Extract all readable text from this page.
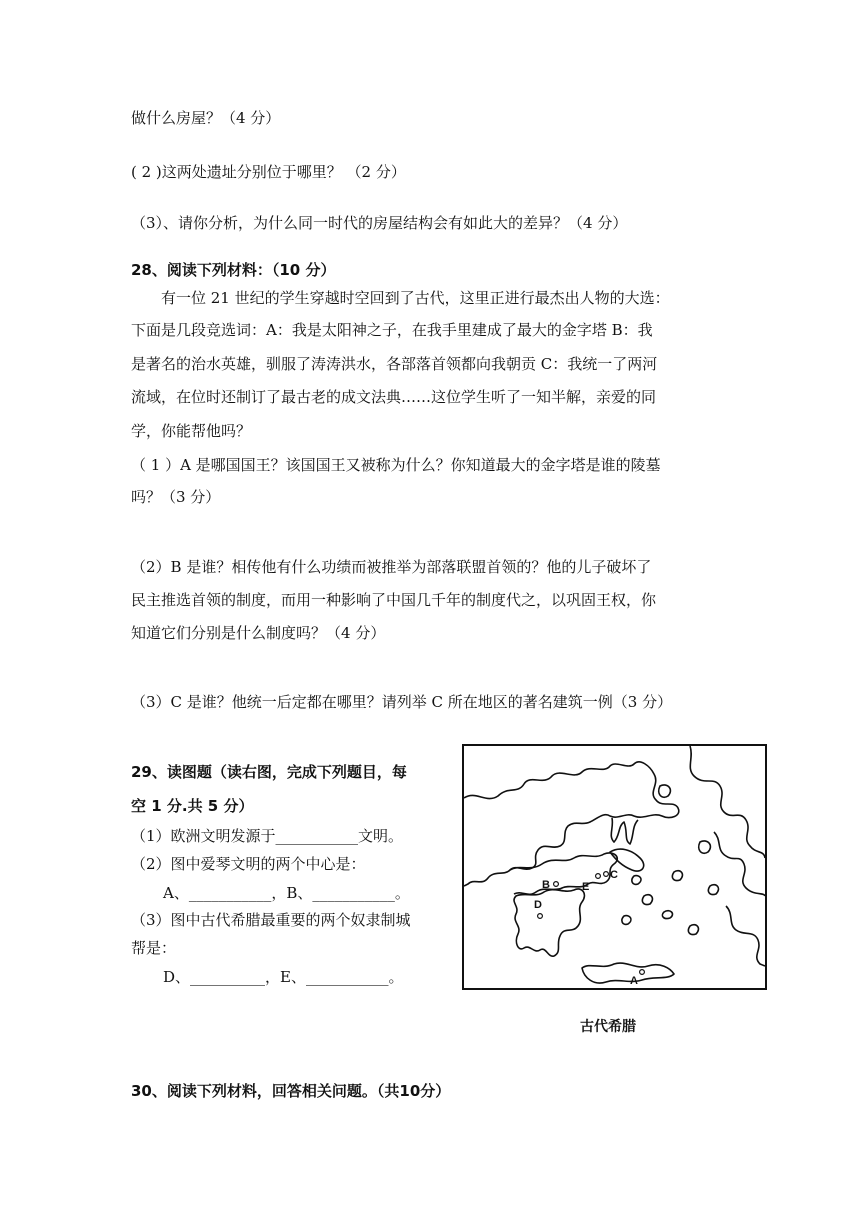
做什么房屋？（4 分）
( 2 )这两处遗址分别位于哪里？ （2 分）
（3）、请你分析，为什么同一时代的房屋结构会有如此大的差异？（4 分）
28、阅读下列材料：（10 分）
有一位 21 世纪的学生穿越时空回到了古代，这里正进行最杰出人物的大选：
下面是几段竞选词：A：我是太阳神之子，在我手里建成了最大的金字塔 B：我
是著名的治水英雄，驯服了涛涛洪水，各部落首领都向我朝贡 C：我统一了两河
流域，在位时还制订了最古老的成文法典……这位学生听了一知半解，亲爱的同
学，你能帮他吗？
（ 1 ）A 是哪国国王？该国国王又被称为什么？你知道最大的金字塔是谁的陵墓
吗？（3 分）
（2）B 是谁？相传他有什么功绩而被推举为部落联盟首领的？他的儿子破坏了
民主推选首领的制度，而用一种影响了中国几千年的制度代之，以巩固王权，你
知道它们分别是什么制度吗？（4 分）
（3）C 是谁？他统一后定都在哪里？请列举 C 所在地区的著名建筑一例（3 分）
29、读图题（读右图，完成下列题目，每
空 1 分.共 5 分）
（1）欧洲文明发源于___________文明。
（2）图中爱琴文明的两个中心是：
A、___________，B、___________。
（3）图中古代希腊最重要的两个奴隶制城
帮是：
D、__________，E、___________。
B	E
C
D
A
古代希腊
30、阅读下列材料，回答相关问题。（共10分）
